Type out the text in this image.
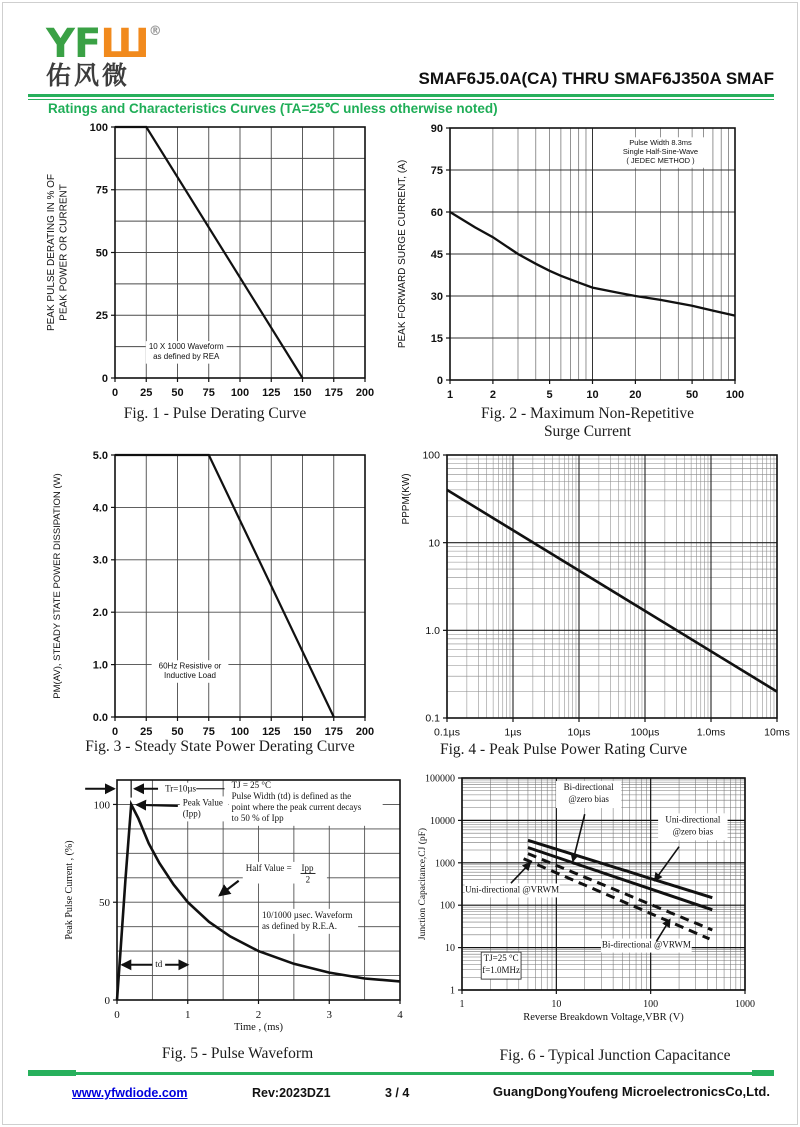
YFШ®
佑风微	SMAF6J5.0A(CA) THRU SMAF6J350A SMAF
Ratings and Characteristics Curves (TA=25℃ unless otherwise noted)
10 X 1000 Waveform
as defined by REA
0 25 50 75 100 125 150 175 200
0
25
50
75
100
PEAK PULSE DERATING IN % OF PEAK POWER OR CURRENT
Pulse Width 8.3ms
Single Half-Sine-Wave
( JEDEC METHOD )
1	2	5	10	20	50	100
0
15
30
45
60
75
90
PEAK FORWARD SURGE CURRENT, (A)
60Hz Resistive or
Inductive Load
0 25 50 75 100 125 150 175 200
0.0
1.0
2.0
3.0
4.0
5.0
PM(AV), STEADY STATE POWER DISSIPATION (W)
0.1µs	1µs	10µs	100µs	1.0ms	10ms
100
10
1.0
0.1
PPPM(KW)
Tr=10µs
Peak Value
(Ipp)
TJ = 25 °C
Pulse Width (td) is defined as the
point where the peak current decays
to 50 % of Ipp
Half Value = Ipp
2
10/1000 µsec. Waveform
as defined by R.E.A.
td
0	1	2	3	4
0
50
100
Peak Pulse Current , (%)
Time , (ms)
Bi-directional
@zero bias
Uni-directional
@zero bias
Uni-directional @VRWM
Bi-directional @VRWM
TJ=25 °C
f=1.0MHz
1	10	100	1000
1
10
100
1000
10000
100000
Junction Capacitance,CJ (pF)
Reverse Breakdown Voltage,VBR (V)
Fig. 1 - Pulse Derating Curve	Fig. 2 - Maximum Non-Repetitive
Surge Current
Fig. 3 - Steady State Power Derating Curve	Fig. 4 - Peak Pulse Power Rating Curve
Fig. 5 - Pulse Waveform	Fig. 6 - Typical Junction Capacitance
www.yfwdiode.com	Rev:2023DZ1	3 / 4	GuangDongYoufeng MicroelectronicsCo,Ltd.
